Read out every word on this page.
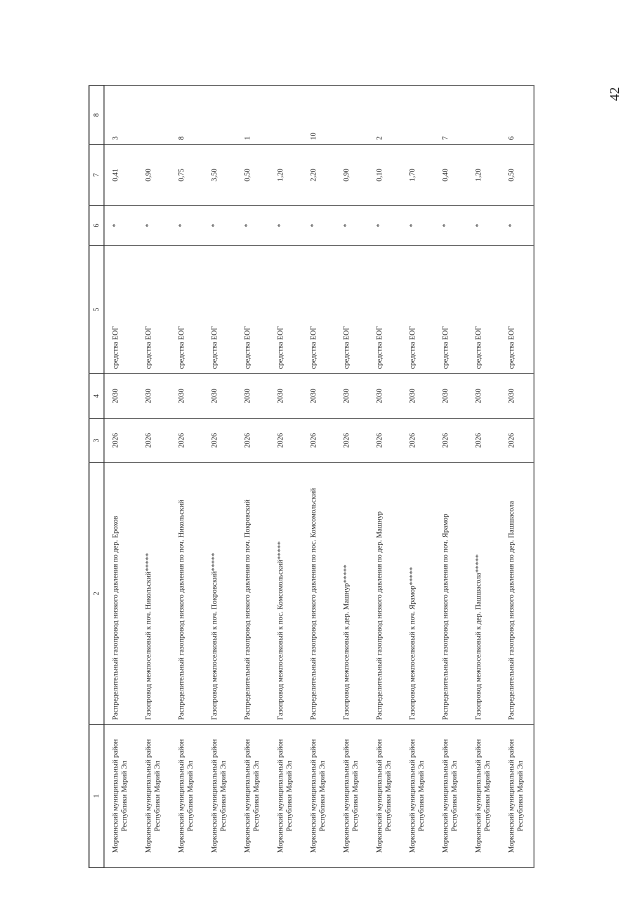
42
1	2	3	4	5	6	7	8
Моркинский муниципальный район Республики Марий Эл	Распределительный газопровод низкого давления по дер. Ерохов	2026	2030	средства ЕОГ	*	0,41	3
Моркинский муниципальный район Республики Марий Эл	Газопровод межпоселковый к поч. Никольский*****	2026	2030	средства ЕОГ	*	0,90	
Моркинский муниципальный район Республики Марий Эл	Распределительный газопровод низкого давления по поч. Никольский	2026	2030	средства ЕОГ	*	0,75	8
Моркинский муниципальный район Республики Марий Эл	Газопровод межпоселковый к поч. Покровский*****	2026	2030	средства ЕОГ	*	3,50	
Моркинский муниципальный район Республики Марий Эл	Распределительный газопровод низкого давления по поч. Покровский	2026	2030	средства ЕОГ	*	0,50	1
Моркинский муниципальный район Республики Марий Эл	Газопровод межпоселковый к пос. Комсомольский*****	2026	2030	средства ЕОГ	*	1,20	
Моркинский муниципальный район Республики Марий Эл	Распределительный газопровод низкого давления по пос. Комсомольский	2026	2030	средства ЕОГ	*	2,20	10
Моркинский муниципальный район Республики Марий Эл	Газопровод межпоселковый к дер. Машнур*****	2026	2030	средства ЕОГ	*	0,90	
Моркинский муниципальный район Республики Марий Эл	Распределительный газопровод низкого давления по дер. Машнур	2026	2030	средства ЕОГ	*	0,10	2
Моркинский муниципальный район Республики Марий Эл	Газопровод межпоселковый к поч. Ярамор*****	2026	2030	средства ЕОГ	*	1,70	
Моркинский муниципальный район Республики Марий Эл	Распределительный газопровод низкого давления по поч. Ярамор	2026	2030	средства ЕОГ	*	0,40	7
Моркинский муниципальный район Республики Марий Эл	Газопровод межпоселковый к дер. Пашшасола*****	2026	2030	средства ЕОГ	*	1,20	
Моркинский муниципальный район Республики Марий Эл	Распределительный газопровод низкого давления по дер. Пашшасола	2026	2030	средства ЕОГ	*	0,50	6
